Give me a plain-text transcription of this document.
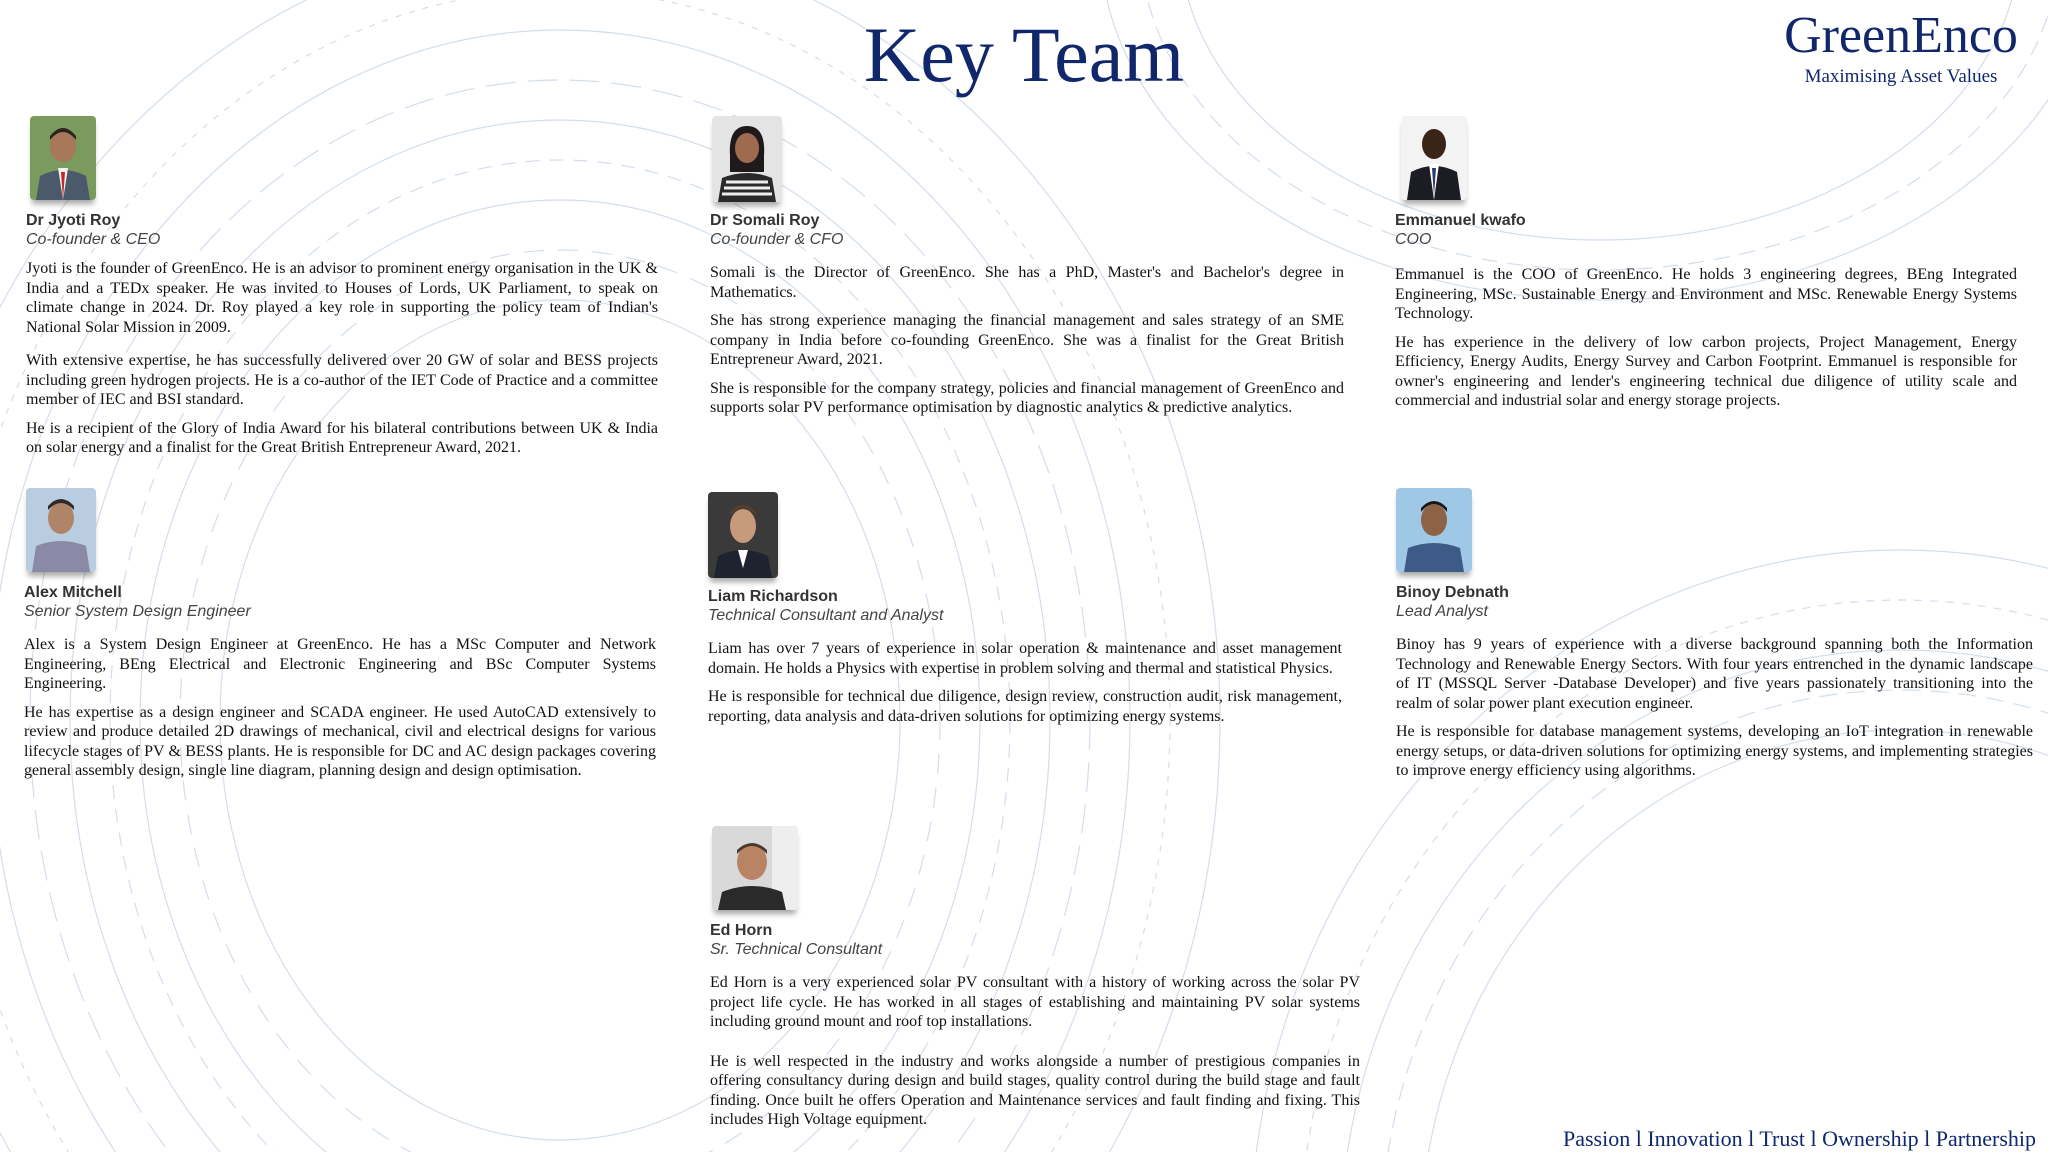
Key Team	GreenEnco
Maximising Asset Values
Dr Jyoti Roy
Co-founder & CEO

Jyoti is the founder of GreenEnco. He is an advisor to prominent energy organisation in the UK & India and a TEDx speaker. He was invited to Houses of Lords, UK Parliament, to speak on climate change in 2024. Dr. Roy played a key role in supporting the policy team of Indian's National Solar Mission in 2009.

With extensive expertise, he has successfully delivered over 20 GW of solar and BESS projects including green hydrogen projects. He is a co-author of the IET Code of Practice and a committee member of IEC and BSI standard.

He is a recipient of the Glory of India Award for his bilateral contributions between UK & India on solar energy and a finalist for the Great British Entrepreneur Award, 2021.

Dr Somali Roy
Co-founder & CFO

Somali is the Director of GreenEnco. She has a PhD, Master's and Bachelor's degree in Mathematics.

She has strong experience managing the financial management and sales strategy of an SME company in India before co-founding GreenEnco. She was a finalist for the Great British Entrepreneur Award, 2021.

She is responsible for the company strategy, policies and financial management of GreenEnco and supports solar PV performance optimisation by diagnostic analytics & predictive analytics.

Emmanuel kwafo
COO

Emmanuel is the COO of GreenEnco. He holds 3 engineering degrees, BEng Integrated Engineering, MSc. Sustainable Energy and Environment and MSc. Renewable Energy Systems Technology.

He has experience in the delivery of low carbon projects, Project Management, Energy Efficiency, Energy Audits, Energy Survey and Carbon Footprint. Emmanuel is responsible for owner's engineering and lender's engineering technical due diligence of utility scale and commercial and industrial solar and energy storage projects.

Alex Mitchell
Senior System Design Engineer

Alex is a System Design Engineer at GreenEnco. He has a MSc Computer and Network Engineering, BEng Electrical and Electronic Engineering and BSc Computer Systems Engineering.

He has expertise as a design engineer and SCADA engineer. He used AutoCAD extensively to review and produce detailed 2D drawings of mechanical, civil and electrical designs for various lifecycle stages of PV & BESS plants. He is responsible for DC and AC design packages covering general assembly design, single line diagram, planning design and design optimisation.

Liam Richardson
Technical Consultant and Analyst

Liam has over 7 years of experience in solar operation & maintenance and asset management domain. He holds a Physics with expertise in problem solving and thermal and statistical Physics.

He is responsible for technical due diligence, design review, construction audit, risk management, reporting, data analysis and data-driven solutions for optimizing energy systems.

Binoy Debnath
Lead Analyst

Binoy has 9 years of experience with a diverse background spanning both the Information Technology and Renewable Energy Sectors. With four years entrenched in the dynamic landscape of IT (MSSQL Server -Database Developer) and five years passionately transitioning into the realm of solar power plant execution engineer.

He is responsible for database management systems, developing an IoT integration in renewable energy setups, or data-driven solutions for optimizing energy systems, and implementing strategies to improve energy efficiency using algorithms.

Ed Horn
Sr. Technical Consultant

Ed Horn is a very experienced solar PV consultant with a history of working across the solar PV project life cycle. He has worked in all stages of establishing and maintaining PV solar systems including ground mount and roof top installations.

He is well respected in the industry and works alongside a number of prestigious companies in offering consultancy during design and build stages, quality control during the build stage and fault finding. Once built he offers Operation and Maintenance services and fault finding and fixing. This includes High Voltage equipment.

Passion l Innovation l Trust l Ownership l Partnership
